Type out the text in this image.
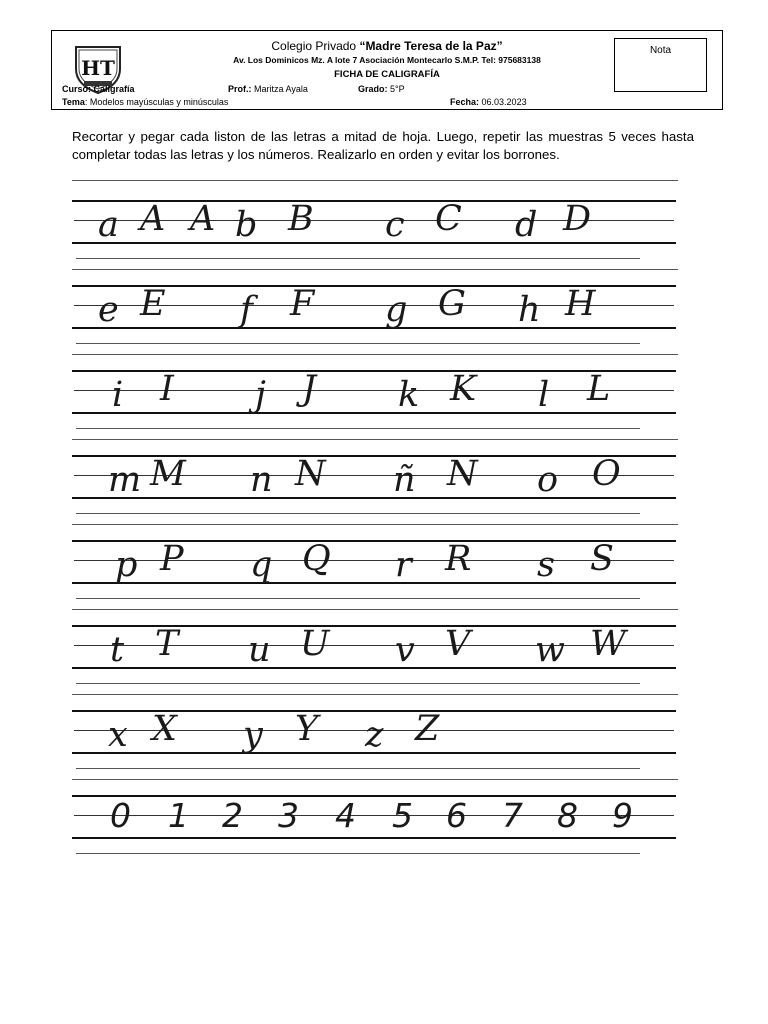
HT
Colegio Privado “Madre Teresa de la Paz”
Av. Los Dominicos Mz. A lote 7 Asociación Montecarlo S.M.P. Tel: 975683138
FICHA DE CALIGRAFÍA
Curso: Caligrafía	Prof.: Maritza Ayala	Grado: 5°P
Tema: Modelos mayúsculas y minúsculas	Fecha: 06.03.2023
Nota
Recortar y pegar cada liston de las letras a mitad de hoja. Luego, repetir las muestras 5 veces hasta completar todas las letras y los números. Realizarlo en orden y evitar los borrones.
a A A b B c C d D
e E f F g G h H
i I j J k K l L
m M n N ñ N o O
p P q Q r R s S
t T u U v V w W
x X y Y z Z
0 1 2 3 4 5 6 7 8 9
